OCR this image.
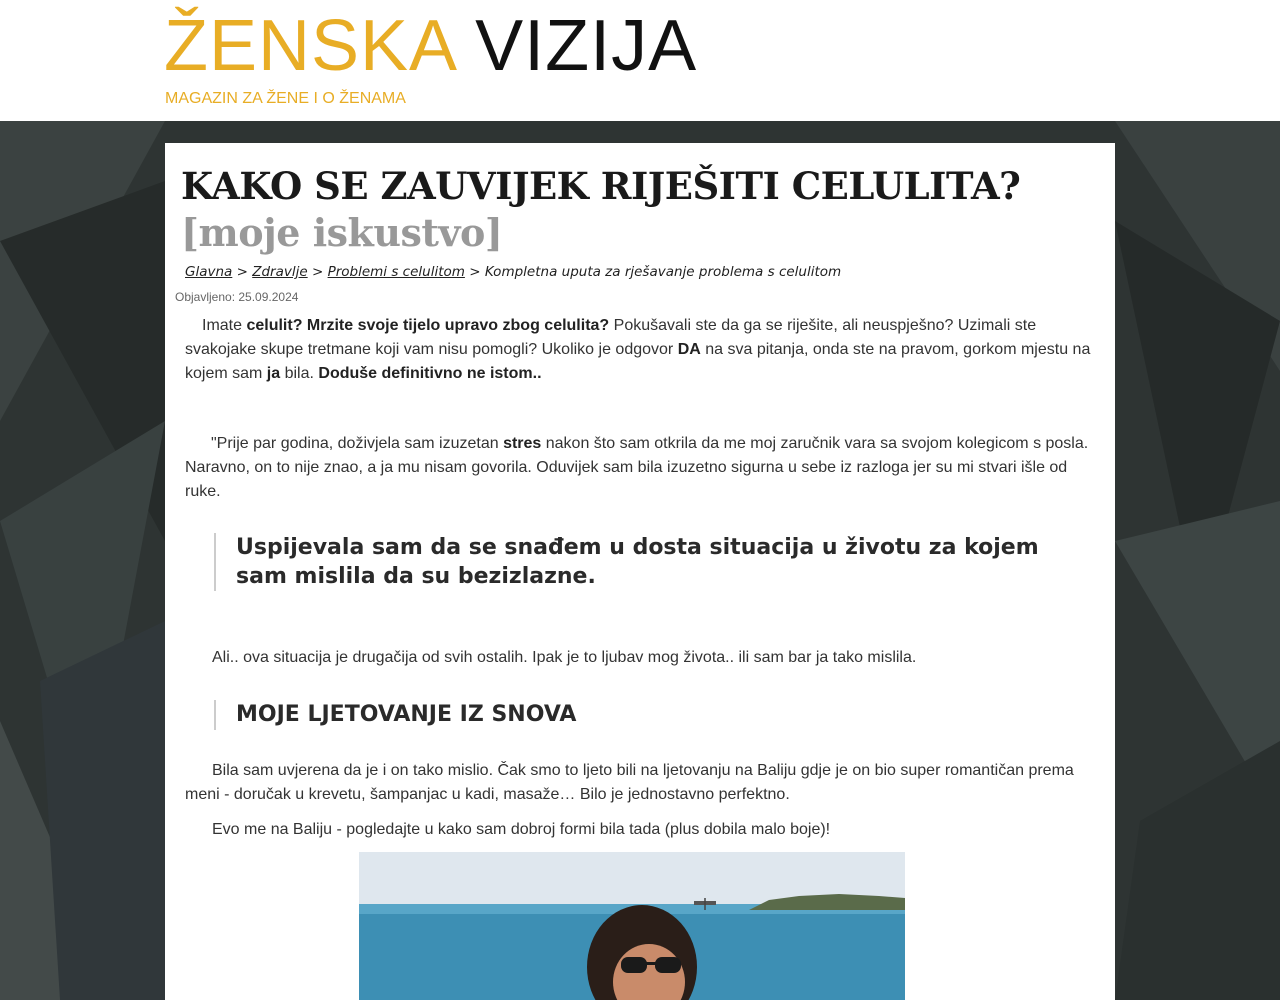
ŽENSKA VIZIJA
MAGAZIN ZA ŽENE I O ŽENAMA
KAKO SE ZAUVIJEK RIJEŠITI CELULITA?
[moje iskustvo]
Glavna > Zdravlje > Problemi s celulitom > Kompletna uputa za rješavanje problema s celulitom
Objavljeno: 25.09.2024
Imate celulit? Mrzite svoje tijelo upravo zbog celulita? Pokušavali ste da ga se riješite, ali neuspješno? Uzimali ste svakojake skupe tretmane koji vam nisu pomogli? Ukoliko je odgovor DA na sva pitanja, onda ste na pravom, gorkom mjestu na kojem sam ja bila. Doduše definitivno ne istom..
"Prije par godina, doživjela sam izuzetan stres nakon što sam otkrila da me moj zaručnik vara sa svojom kolegicom s posla. Naravno, on to nije znao, a ja mu nisam govorila. Oduvijek sam bila izuzetno sigurna u sebe iz razloga jer su mi stvari išle od ruke.
Uspijevala sam da se snađem u dosta situacija u životu za kojem sam mislila da su bezizlazne.
Ali.. ova situacija je drugačija od svih ostalih. Ipak je to ljubav mog života.. ili sam bar ja tako mislila.
MOJE LJETOVANJE IZ SNOVA
Bila sam uvjerena da je i on tako mislio. Čak smo to ljeto bili na ljetovanju na Baliju gdje je on bio super romantičan prema meni - doručak u krevetu, šampanjac u kadi, masaže… Bilo je jednostavno perfektno.
Evo me na Baliju - pogledajte u kako sam dobroj formi bila tada (plus dobila malo boje)!
